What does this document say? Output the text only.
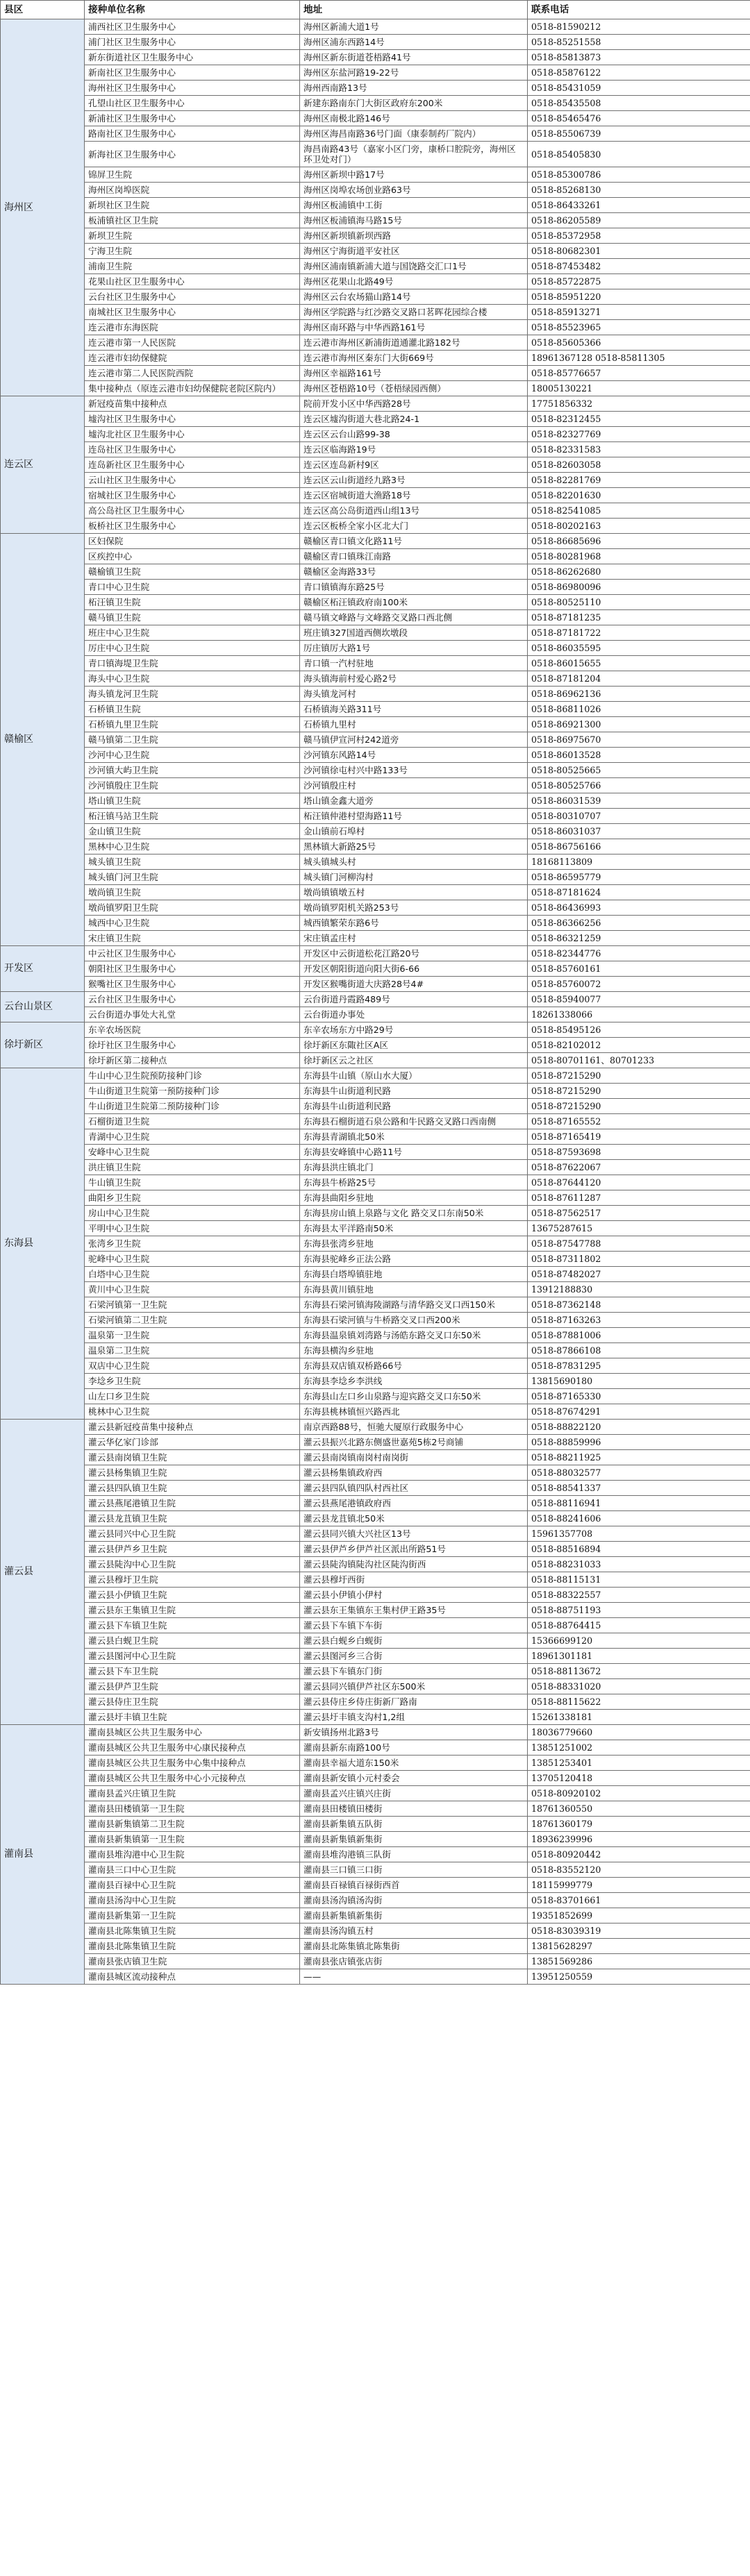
县区	接种单位名称	地址	联系电话
海州区	浦西社区卫生服务中心	海州区新浦大道1号	0518-81590212
	浦门社区卫生服务中心	海州区浦东西路14号	0518-85251558
	新东街道社区卫生服务中心	海州区新东街道苍梧路41号	0518-85813873
	新南社区卫生服务中心	海州区东盐河路19-22号	0518-85876122
	海州社区卫生服务中心	海州西南路13号	0518-85431059
	孔望山社区卫生服务中心	新建东路南东门大街区政府东200米	0518-85435508
	新浦社区卫生服务中心	海州区南极北路146号	0518-85465476
	路南社区卫生服务中心	海州区海昌南路36号门面（康泰制药厂院内）	0518-85506739
	新海社区卫生服务中心	海昌南路43号（嘉家小区门旁，康桥口腔院旁，海州区环卫处对门）	0518-85405830
	锦屏卫生院	海州区新坝中路17号	0518-85300786
	海州区岗埠医院	海州区岗埠农场创业路63号	0518-85268130
	新坝社区卫生院	海州区板浦镇中工街	0518-86433261
	板浦镇社区卫生院	海州区板浦镇海马路15号	0518-86205589
	新坝卫生院	海州区新坝镇新坝西路	0518-85372958
	宁海卫生院	海州区宁海街道平安社区	0518-80682301
	浦南卫生院	海州区浦南镇新浦大道与国饶路交汇口1号	0518-87453482
	花果山社区卫生服务中心	海州区花果山北路49号	0518-85722875
	云台社区卫生服务中心	海州区云台农场猫山路14号	0518-85951220
	南城社区卫生服务中心	海州区学院路与红沙路交叉路口茗晖花园综合楼	0518-85913271
	连云港市东海医院	海州区南环路与中华西路161号	0518-85523965
	连云港市第一人民医院	连云港市海州区新浦街道通灌北路182号	0518-85605366
	连云港市妇幼保健院	连云港市海州区秦东门大街669号	18961367128 0518-85811305
	连云港市第二人民医院西院	海州区幸福路161号	0518-85776657
	集中接种点（原连云港市妇幼保健院老院区院内）	海州区苍梧路10号（苍梧绿园西侧）	18005130221
连云区	新冠疫苗集中接种点	院前开发小区中华西路28号	17751856332
	墟沟社区卫生服务中心	连云区墟沟街道大巷北路24-1	0518-82312455
	墟沟北社区卫生服务中心	连云区云台山路99-38	0518-82327769
	连岛社区卫生服务中心	连云区临海路19号	0518-82331583
	连岛新社区卫生服务中心	连云区连岛新村9区	0518-82603058
	云山社区卫生服务中心	连云区云山街道经九路3号	0518-82281769
	宿城社区卫生服务中心	连云区宿城街道大渔路18号	0518-82201630
	高公岛社区卫生服务中心	连云区高公岛街道西山组13号	0518-82541085
	板桥社区卫生服务中心	连云区板桥全家小区北大门	0518-80202163
赣榆区	区妇保院	赣榆区青口镇文化路11号	0518-86685696
	区疾控中心	赣榆区青口镇珠江南路	0518-80281968
	赣榆镇卫生院	赣榆区金海路33号	0518-86262680
	青口中心卫生院	青口镇镇海东路25号	0518-86980096
	柘汪镇卫生院	赣榆区柘汪镇政府南100米	0518-80525110
	赣马镇卫生院	赣马镇文峰路与文峰路交叉路口西北侧	0518-87181235
	班庄中心卫生院	班庄镇327国道西侧坎墩段	0518-87181722
	厉庄中心卫生院	厉庄镇厉大路1号	0518-86035595
	青口镇海堤卫生院	青口镇一汽村驻地	0518-86015655
	海头中心卫生院	海头镇海前村爱心路2号	0518-87181204
	海头镇龙河卫生院	海头镇龙河村	0518-86962136
	石桥镇卫生院	石桥镇海关路311号	0518-86811026
	石桥镇九里卫生院	石桥镇九里村	0518-86921300
	赣马镇第二卫生院	赣马镇伊宣河村242道旁	0518-86975670
	沙河中心卫生院	沙河镇东风路14号	0518-86013528
	沙河镇大屿卫生院	沙河镇徐屯村兴中路133号	0518-80525665
	沙河镇殷庄卫生院	沙河镇殷庄村	0518-80525766
	塔山镇卫生院	塔山镇金鑫大道旁	0518-86031539
	柘汪镇马站卫生院	柘汪镇仲港村望海路11号	0518-80310707
	金山镇卫生院	金山镇前石埠村	0518-86031037
	黑林中心卫生院	黑林镇大新路25号	0518-86756166
	城头镇卫生院	城头镇城头村	18168113809
	城头镇门河卫生院	城头镇门河柳沟村	0518-86595779
	墩尚镇卫生院	墩尚镇镇墩五村	0518-87181624
	墩尚镇罗阳卫生院	墩尚镇罗阳机关路253号	0518-86436993
	城西中心卫生院	城西镇繁荣东路6号	0518-86366256
	宋庄镇卫生院	宋庄镇孟庄村	0518-86321259
开发区	中云社区卫生服务中心	开发区中云街道松花江路20号	0518-82344776
	朝阳社区卫生服务中心	开发区朝阳街道向阳大街6-66	0518-85760161
	猴嘴社区卫生服务中心	开发区猴嘴街道大庆路28号4#	0518-85760072
云台山景区	云台社区卫生服务中心	云台街道丹霞路489号	0518-85940077
	云台街道办事处大礼堂	云台街道办事处	18261338066
徐圩新区	东辛农场医院	东辛农场东方中路29号	0518-85495126
	徐圩社区卫生服务中心	徐圩新区东陬社区A区	0518-82102012
	徐圩新区第二接种点	徐圩新区云之社区	0518-80701161、80701233
东海县	牛山中心卫生院预防接种门诊	东海县牛山镇（原山水大厦）	0518-87215290
	牛山街道卫生院第一预防接种门诊	东海县牛山街道利民路	0518-87215290
	牛山街道卫生院第二预防接种门诊	东海县牛山街道利民路	0518-87215290
	石榴街道卫生院	东海县石榴街道石泉公路和牛民路交叉路口西南侧	0518-87165552
	青湖中心卫生院	东海县青湖镇北50米	0518-87165419
	安峰中心卫生院	东海县安峰镇中心路11号	0518-87593698
	洪庄镇卫生院	东海县洪庄镇北门	0518-87622067
	牛山镇卫生院	东海县牛桥路25号	0518-87644120
	曲阳乡卫生院	东海县曲阳乡驻地	0518-87611287
	房山中心卫生院	东海县房山镇上泉路与文化 路交叉口东南50米	0518-87562517
	平明中心卫生院	东海县太平洋路南50米	13675287615
	张湾乡卫生院	东海县张湾乡驻地	0518-87547788
	驼峰中心卫生院	东海县驼峰乡正法公路	0518-87311802
	白塔中心卫生院	东海县白塔埠镇驻地	0518-87482027
	黄川中心卫生院	东海县黄川镇驻地	13912188830
	石梁河镇第一卫生院	东海县石梁河镇海陵湖路与清华路交叉口西150米	0518-87362148
	石梁河镇第二卫生院	东海县石梁河镇与牛桥路交叉口西200米	0518-87163263
	温泉第一卫生院	东海县温泉镇刘湾路与汤皓东路交叉口东50米	0518-87881006
	温泉第二卫生院	东海县横沟乡驻地	0518-87866108
	双店中心卫生院	东海县双店镇双桥路66号	0518-87831295
	李埝乡卫生院	东海县李埝乡李洪线	13815690180
	山左口乡卫生院	东海县山左口乡山泉路与迎宾路交叉口东50米	0518-87165330
	桃林中心卫生院	东海县桃林镇恒兴路西北	0518-87674291
灌云县	灌云县新冠疫苗集中接种点	南京西路88号，恒驰大厦原行政服务中心	0518-88822120
	灌云华亿家门诊部	灌云县振兴北路东侧盛世嘉苑5栋2号商铺	0518-88859996
	灌云县南岗镇卫生院	灌云县南岗镇南岗村南岗街	0518-88211925
	灌云县杨集镇卫生院	灌云县杨集镇政府西	0518-88032577
	灌云县四队镇卫生院	灌云县四队镇四队村西社区	0518-88541337
	灌云县燕尾港镇卫生院	灌云县燕尾港镇政府西	0518-88116941
	灌云县龙苴镇卫生院	灌云县龙苴镇北50米	0518-88241606
	灌云县同兴中心卫生院	灌云县同兴镇大兴社区13号	15961357708
	灌云县伊芦乡卫生院	灌云县伊芦乡伊芦社区派出所路51号	0518-88516894
	灌云县陡沟中心卫生院	灌云县陡沟镇陡沟社区陡沟街西	0518-88231033
	灌云县穆圩卫生院	灌云县穆圩西街	0518-88115131
	灌云县小伊镇卫生院	灌云县小伊镇小伊村	0518-88322557
	灌云县东王集镇卫生院	灌云县东王集镇东王集村伊王路35号	0518-88751193
	灌云县下车镇卫生院	灌云县下车镇下车街	0518-88764415
	灌云县白蚬卫生院	灌云县白蚬乡白蚬街	15366699120
	灌云县图河中心卫生院	灌云县图河乡三合街	18961301181
	灌云县下车卫生院	灌云县下车镇东门街	0518-88113672
	灌云县伊芦卫生院	灌云县同兴镇伊芦社区东500米	0518-88331020
	灌云县侍庄卫生院	灌云县侍庄乡侍庄街新厂路南	0518-88115622
	灌云县圩丰镇卫生院	灌云县圩丰镇支沟村1,2组	15261338181
灌南县	灌南县城区公共卫生服务中心	新安镇扬州北路3号	18036779660
	灌南县城区公共卫生服务中心康民接种点	灌南县新东南路100号	13851251002
	灌南县城区公共卫生服务中心集中接种点	灌南县幸福大道东150米	13851253401
	灌南县城区公共卫生服务中心小元接种点	灌南县新安镇小元村委会	13705120418
	灌南县孟兴庄镇卫生院	灌南县孟兴庄镇兴庄街	0518-80920102
	灌南县田楼镇第一卫生院	灌南县田楼镇田楼街	18761360550
	灌南县新集镇第二卫生院	灌南县新集镇五队街	18761360179
	灌南县新集镇第一卫生院	灌南县新集镇新集街	18936239996
	灌南县堆沟港中心卫生院	灌南县堆沟港镇三队街	0518-80920442
	灌南县三口中心卫生院	灌南县三口镇三口街	0518-83552120
	灌南县百禄中心卫生院	灌南县百禄镇百禄街西首	18115999779
	灌南县汤沟中心卫生院	灌南县汤沟镇汤沟街	0518-83701661
	灌南县新集第一卫生院	灌南县新集镇新集街	19351852699
	灌南县北陈集镇卫生院	灌南县汤沟镇五村	0518-83039319
	灌南县北陈集镇卫生院	灌南县北陈集镇北陈集街	13815628297
	灌南县张店镇卫生院	灌南县张店镇张店街	13851569286
	灌南县城区流动接种点	——	13951250559
